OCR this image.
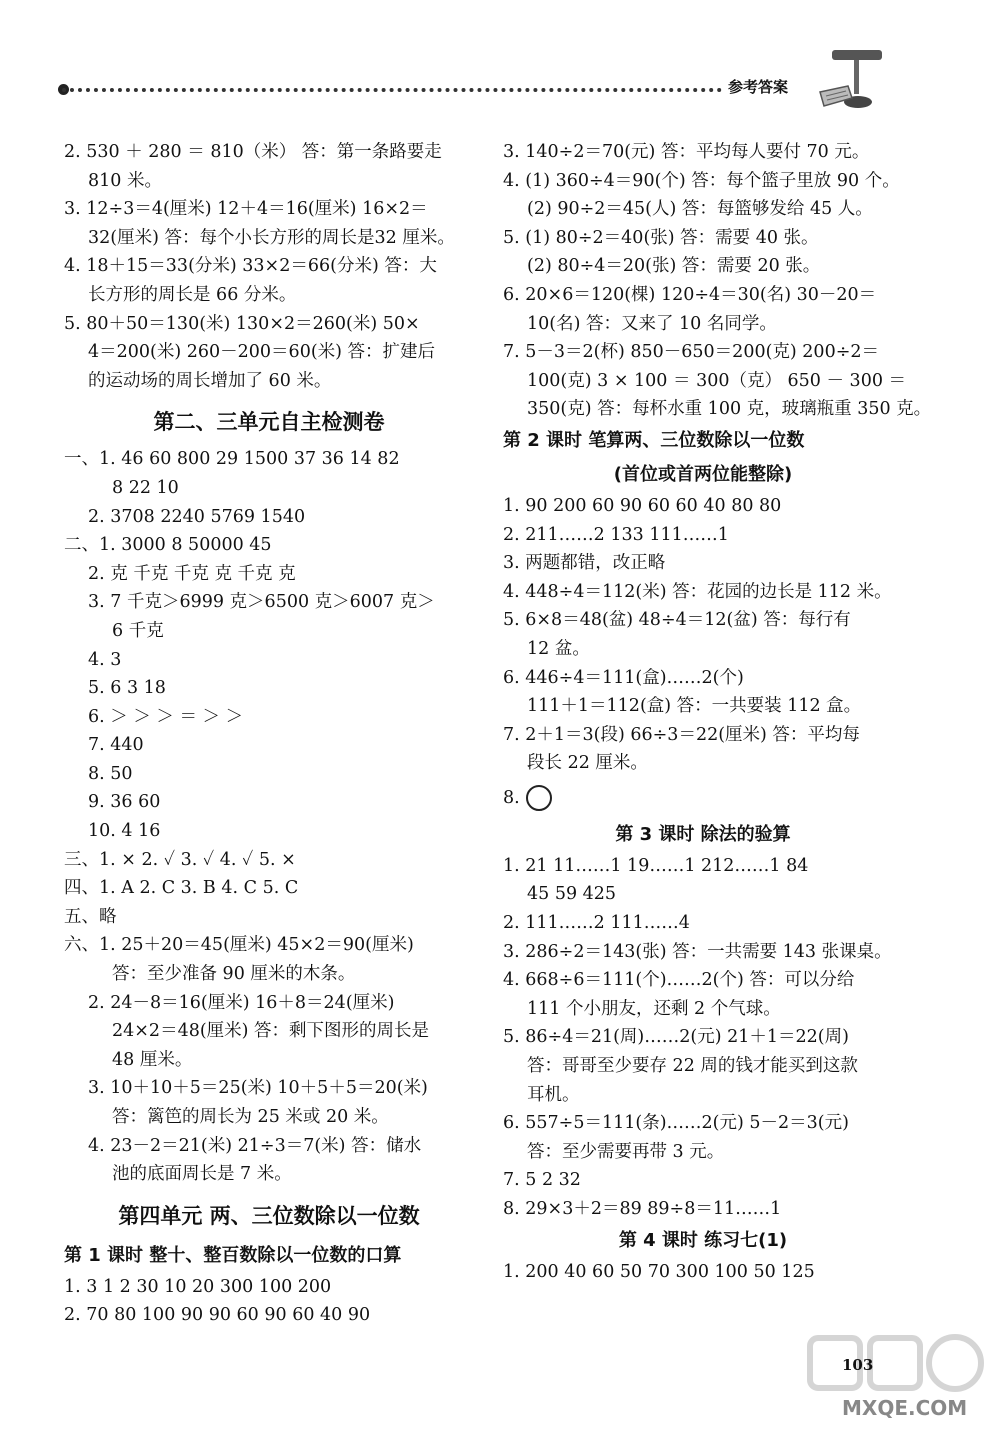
参考答案
2. 530 ＋ 280 ＝ 810（米） 答：第一条路要走
810 米。
3. 12÷3＝4(厘米) 12＋4＝16(厘米) 16×2＝
32(厘米) 答：每个小长方形的周长是32 厘米。
4. 18＋15＝33(分米) 33×2＝66(分米) 答：大
长方形的周长是 66 分米。
5. 80＋50＝130(米) 130×2＝260(米) 50×
4＝200(米) 260－200＝60(米) 答：扩建后
的运动场的周长增加了 60 米。
第二、三单元自主检测卷
一、1. 46 60 800 29 1500 37 36 14 82
8 22 10
2. 3708 2240 5769 1540
二、1. 3000 8 50000 45
2. 克 千克 千克 克 千克 克
3. 7 千克＞6999 克＞6500 克＞6007 克＞
6 千克
4. 3
5. 6 3 18
6. ＞ ＞ ＞ ＝ ＞ ＞
7. 440
8. 50
9. 36 60
10. 4 16
三、1. × 2. ✓ 3. ✓ 4. ✓ 5. ×
四、1. A 2. C 3. B 4. C 5. C
五、略
六、1. 25＋20＝45(厘米) 45×2＝90(厘米)
答：至少准备 90 厘米的木条。
2. 24－8＝16(厘米) 16＋8＝24(厘米)
24×2＝48(厘米) 答：剩下图形的周长是
48 厘米。
3. 10＋10＋5＝25(米) 10＋5＋5＝20(米)
答：篱笆的周长为 25 米或 20 米。
4. 23－2＝21(米) 21÷3＝7(米) 答：储水
池的底面周长是 7 米。
第四单元 两、三位数除以一位数
第 1 课时 整十、整百数除以一位数的口算
1. 3 1 2 30 10 20 300 100 200
2. 70 80 100 90 90 60 90 60 40 90
3. 140÷2＝70(元) 答：平均每人要付 70 元。
4. (1) 360÷4＝90(个) 答：每个篮子里放 90 个。
(2) 90÷2＝45(人) 答：每篮够发给 45 人。
5. (1) 80÷2＝40(张) 答：需要 40 张。
(2) 80÷4＝20(张) 答：需要 20 张。
6. 20×6＝120(棵) 120÷4＝30(名) 30－20＝
10(名) 答：又来了 10 名同学。
7. 5－3＝2(杯) 850－650＝200(克) 200÷2＝
100(克) 3 × 100 ＝ 300（克） 650 － 300 ＝
350(克) 答：每杯水重 100 克，玻璃瓶重 350 克。
第 2 课时 笔算两、三位数除以一位数
(首位或首两位能整除)
1. 90 200 60 90 60 60 40 80 80
2. 211……2 133 111……1
3. 两题都错，改正略
4. 448÷4＝112(米) 答：花园的边长是 112 米。
5. 6×8＝48(盆) 48÷4＝12(盆) 答：每行有
12 盆。
6. 446÷4＝111(盒)……2(个)
111＋1＝112(盒) 答：一共要装 112 盒。
7. 2＋1＝3(段) 66÷3＝22(厘米) 答：平均每
段长 22 厘米。
8.
第 3 课时 除法的验算
1. 21 11……1 19……1 212……1 84
45 59 425
2. 111……2 111……4
3. 286÷2＝143(张) 答：一共需要 143 张课桌。
4. 668÷6＝111(个)……2(个) 答：可以分给
111 个小朋友，还剩 2 个气球。
5. 86÷4＝21(周)……2(元) 21＋1＝22(周)
答：哥哥至少要存 22 周的钱才能买到这款
耳机。
6. 557÷5＝111(条)……2(元) 5－2＝3(元)
答：至少需要再带 3 元。
7. 5 2 32
8. 29×3＋2＝89 89÷8＝11……1
第 4 课时 练习七(1)
1. 200 40 60 50 70 300 100 50 125
103
MXQE.COM
